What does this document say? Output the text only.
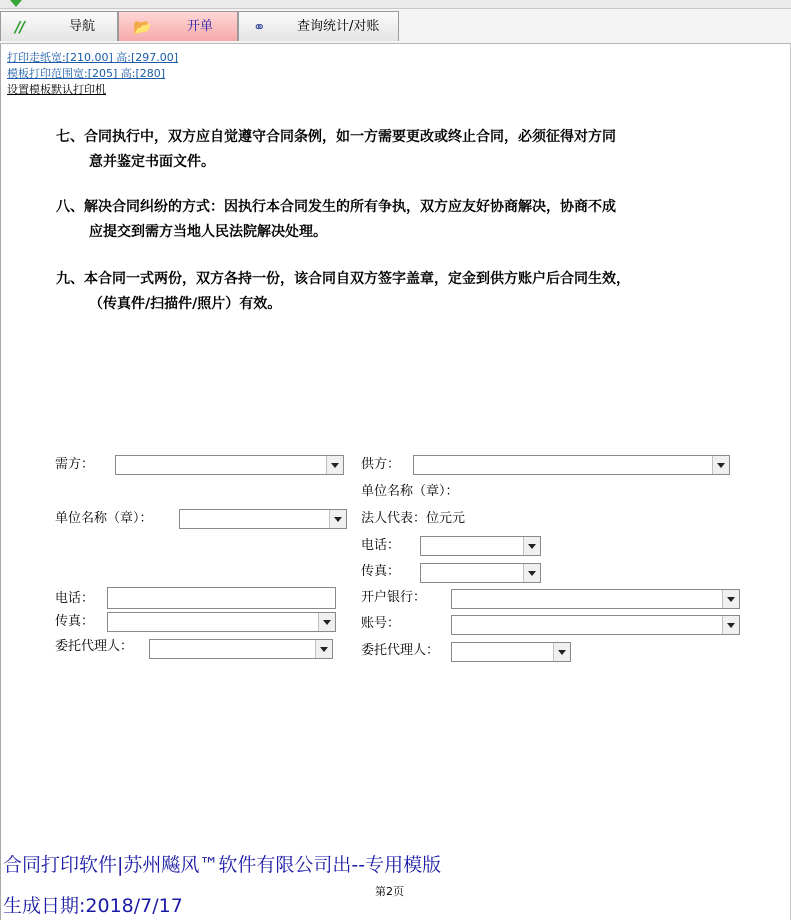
//	导航	📂	开单	⚭ 查询统计/对账
打印走纸宽:[210.00] 高:[297.00]
模板打印范围宽:[205] 高:[280]
设置模板默认打印机
七、合同执行中，双方应自觉遵守合同条例，如一方需要更改或终止合同，必须征得对方同
意并鉴定书面文件。
八、解决合同纠纷的方式：因执行本合同发生的所有争执，双方应友好协商解决，协商不成
应提交到需方当地人民法院解决处理。
九、本合同一式两份，双方各持一份，该合同自双方签字盖章，定金到供方账户后合同生效，
（传真件/扫描件/照片）有效。
需方：
单位名称（章）：
电话：
传真：
委托代理人：
供方：
单位名称（章）：
法人代表：位元元
电话：
传真：
开户银行：
账号：
委托代理人：
合同打印软件|苏州飚风™软件有限公司出--专用模版
第2页
生成日期:2018/7/17
